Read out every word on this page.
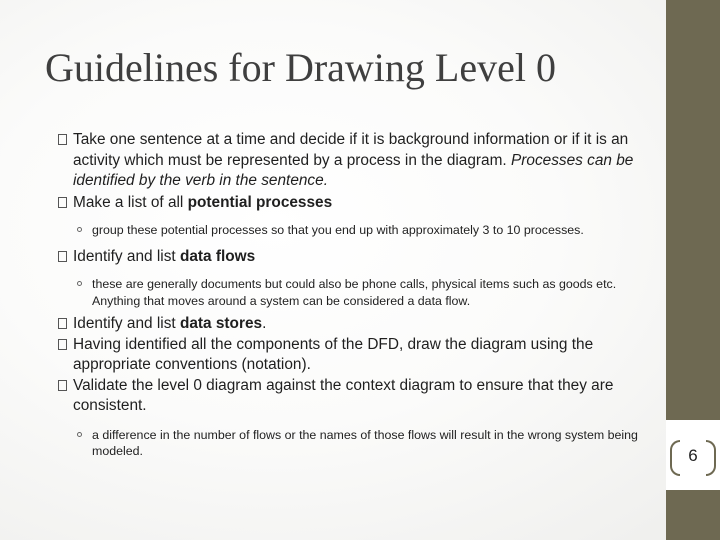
Guidelines for Drawing Level 0

Take one sentence at a time and decide if it is background information or if it is an activity which must be represented by a process in the diagram. Processes can be identified by the verb in the sentence.

Make a list of all potential processes

group these potential processes so that you end up with approximately 3 to 10 processes.

Identify and list data flows

these are generally documents but could also be phone calls, physical items such as goods etc. Anything that moves around a system can be considered a data flow.

Identify and list data stores.

Having identified all the components of the DFD, draw the diagram using the appropriate conventions (notation).

Validate the level 0 diagram against the context diagram to ensure that they are consistent.

a difference in the number of flows or the names of those flows will result in the wrong system being modeled.	6
